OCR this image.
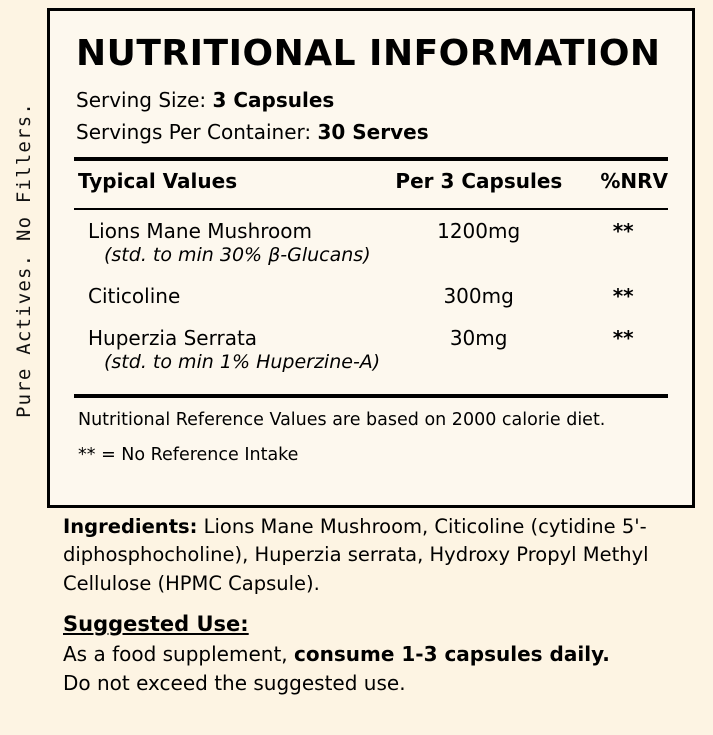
Pure Actives. No Fillers.
NUTRITIONAL INFORMATION
Serving Size: 3 Capsules
Servings Per Container: 30 Serves
Typical Values	Per 3 Capsules	%NRV
Lions Mane Mushroom
(std. to min 30% β-Glucans)	1200mg	**
Citicoline	300mg	**
Huperzia Serrata
(std. to min 1% Huperzine-A)	30mg	**
Nutritional Reference Values are based on 2000 calorie diet.
** = No Reference Intake

Ingredients: Lions Mane Mushroom, Citicoline (cytidine 5'-diphosphocholine), Huperzia serrata, Hydroxy Propyl Methyl Cellulose (HPMC Capsule).

Suggested Use:

As a food supplement, consume 1-3 capsules daily.

Do not exceed the suggested use.
